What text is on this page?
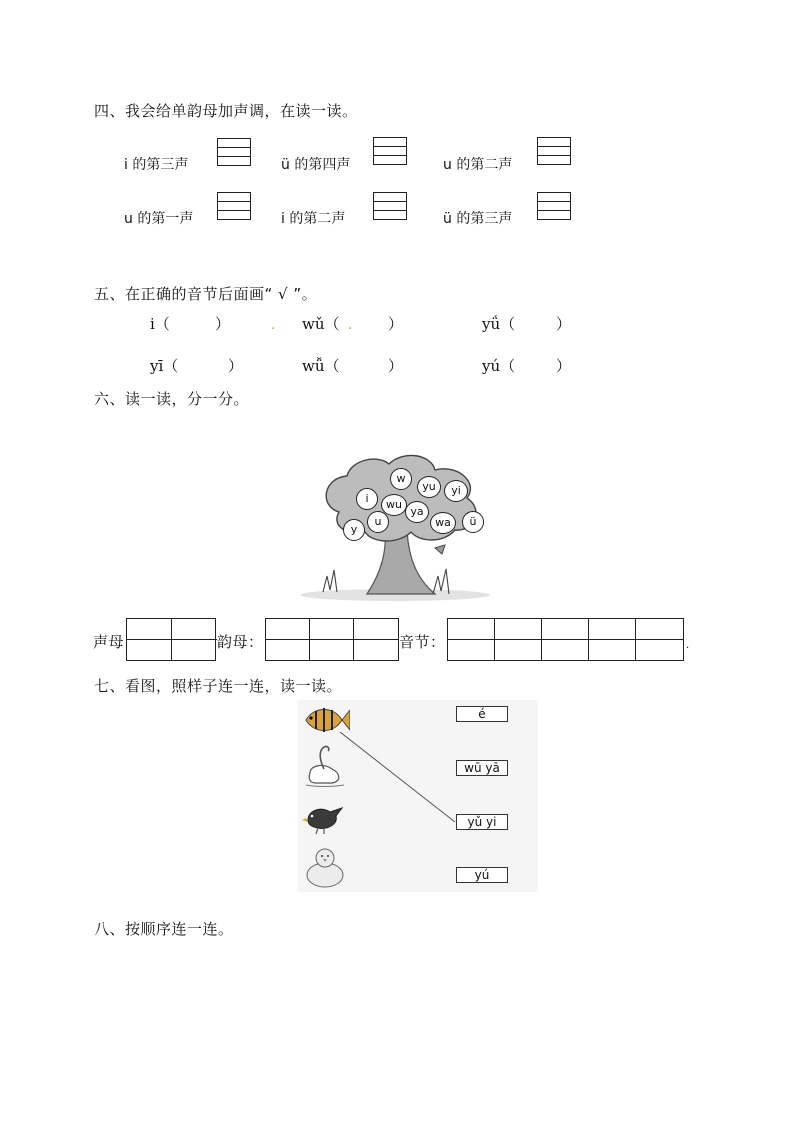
四、我会给单韵母加声调，在读一读。
i 的第三声	ü 的第四声	u 的第二声
u 的第一声	i 的第二声	ü 的第三声
五、在正确的音节后面画“ √ ”。
i（	）	. wǔ（ . ）	yǘ（	）
yī（	）	wǚ（	）	yú（	）
六、读一读，分一分。
w
yu	yi
i	wu
ya
u	wa	ü
y
声母	韵母：	音节：	.
七、看图，照样子连一连，读一读。
é
wū yā
yǔ yi
yú
八、按顺序连一连。
